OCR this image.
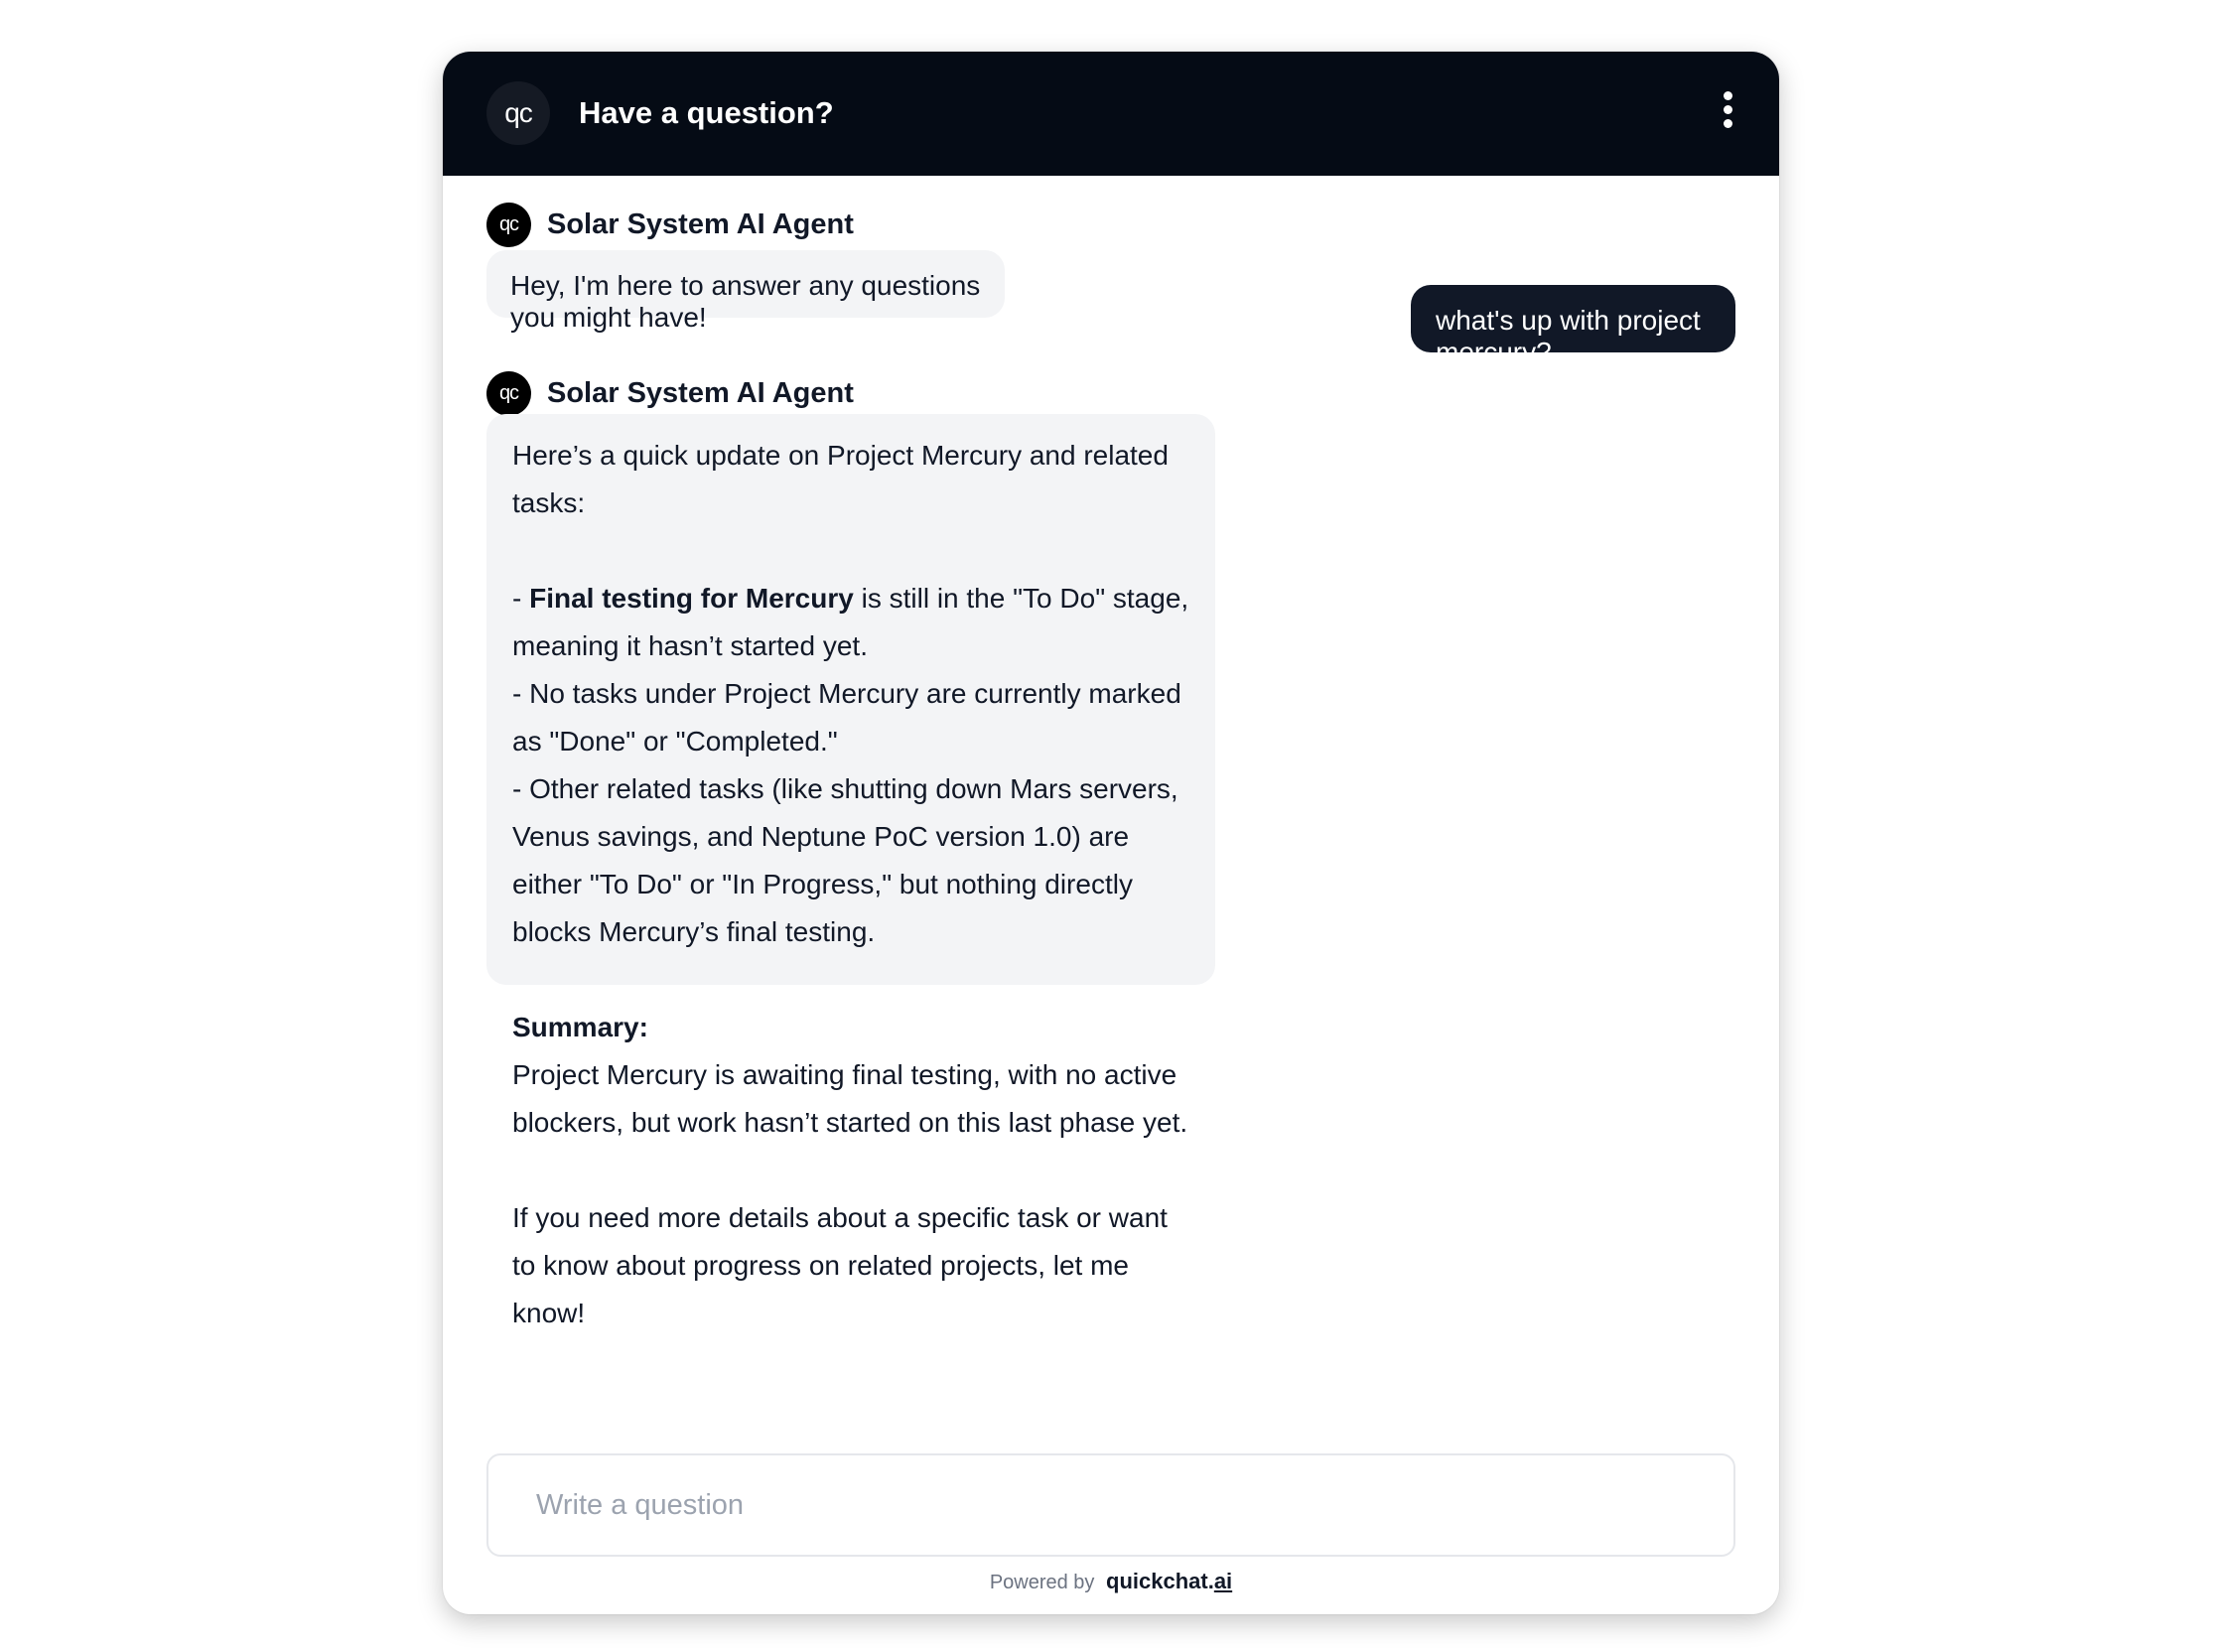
qc	Have a question?
qc Solar System AI Agent
Hey, I'm here to answer any questions you might have!	what's up with project mercury?
qc Solar System AI Agent

Here’s a quick update on Project Mercury and related tasks:

- Final testing for Mercury is still in the "To Do" stage, meaning it hasn’t started yet.

- No tasks under Project Mercury are currently marked as "Done" or "Completed."

- Other related tasks (like shutting down Mars servers, Venus savings, and Neptune PoC version 1.0) are either "To Do" or "In Progress," but nothing directly blocks Mercury’s final testing.

Summary:

Project Mercury is awaiting final testing, with no active blockers, but work hasn’t started on this last phase yet.

If you need more details about a specific task or want to know about progress on related projects, let me know!

Write a question
Powered by quickchat.ai
